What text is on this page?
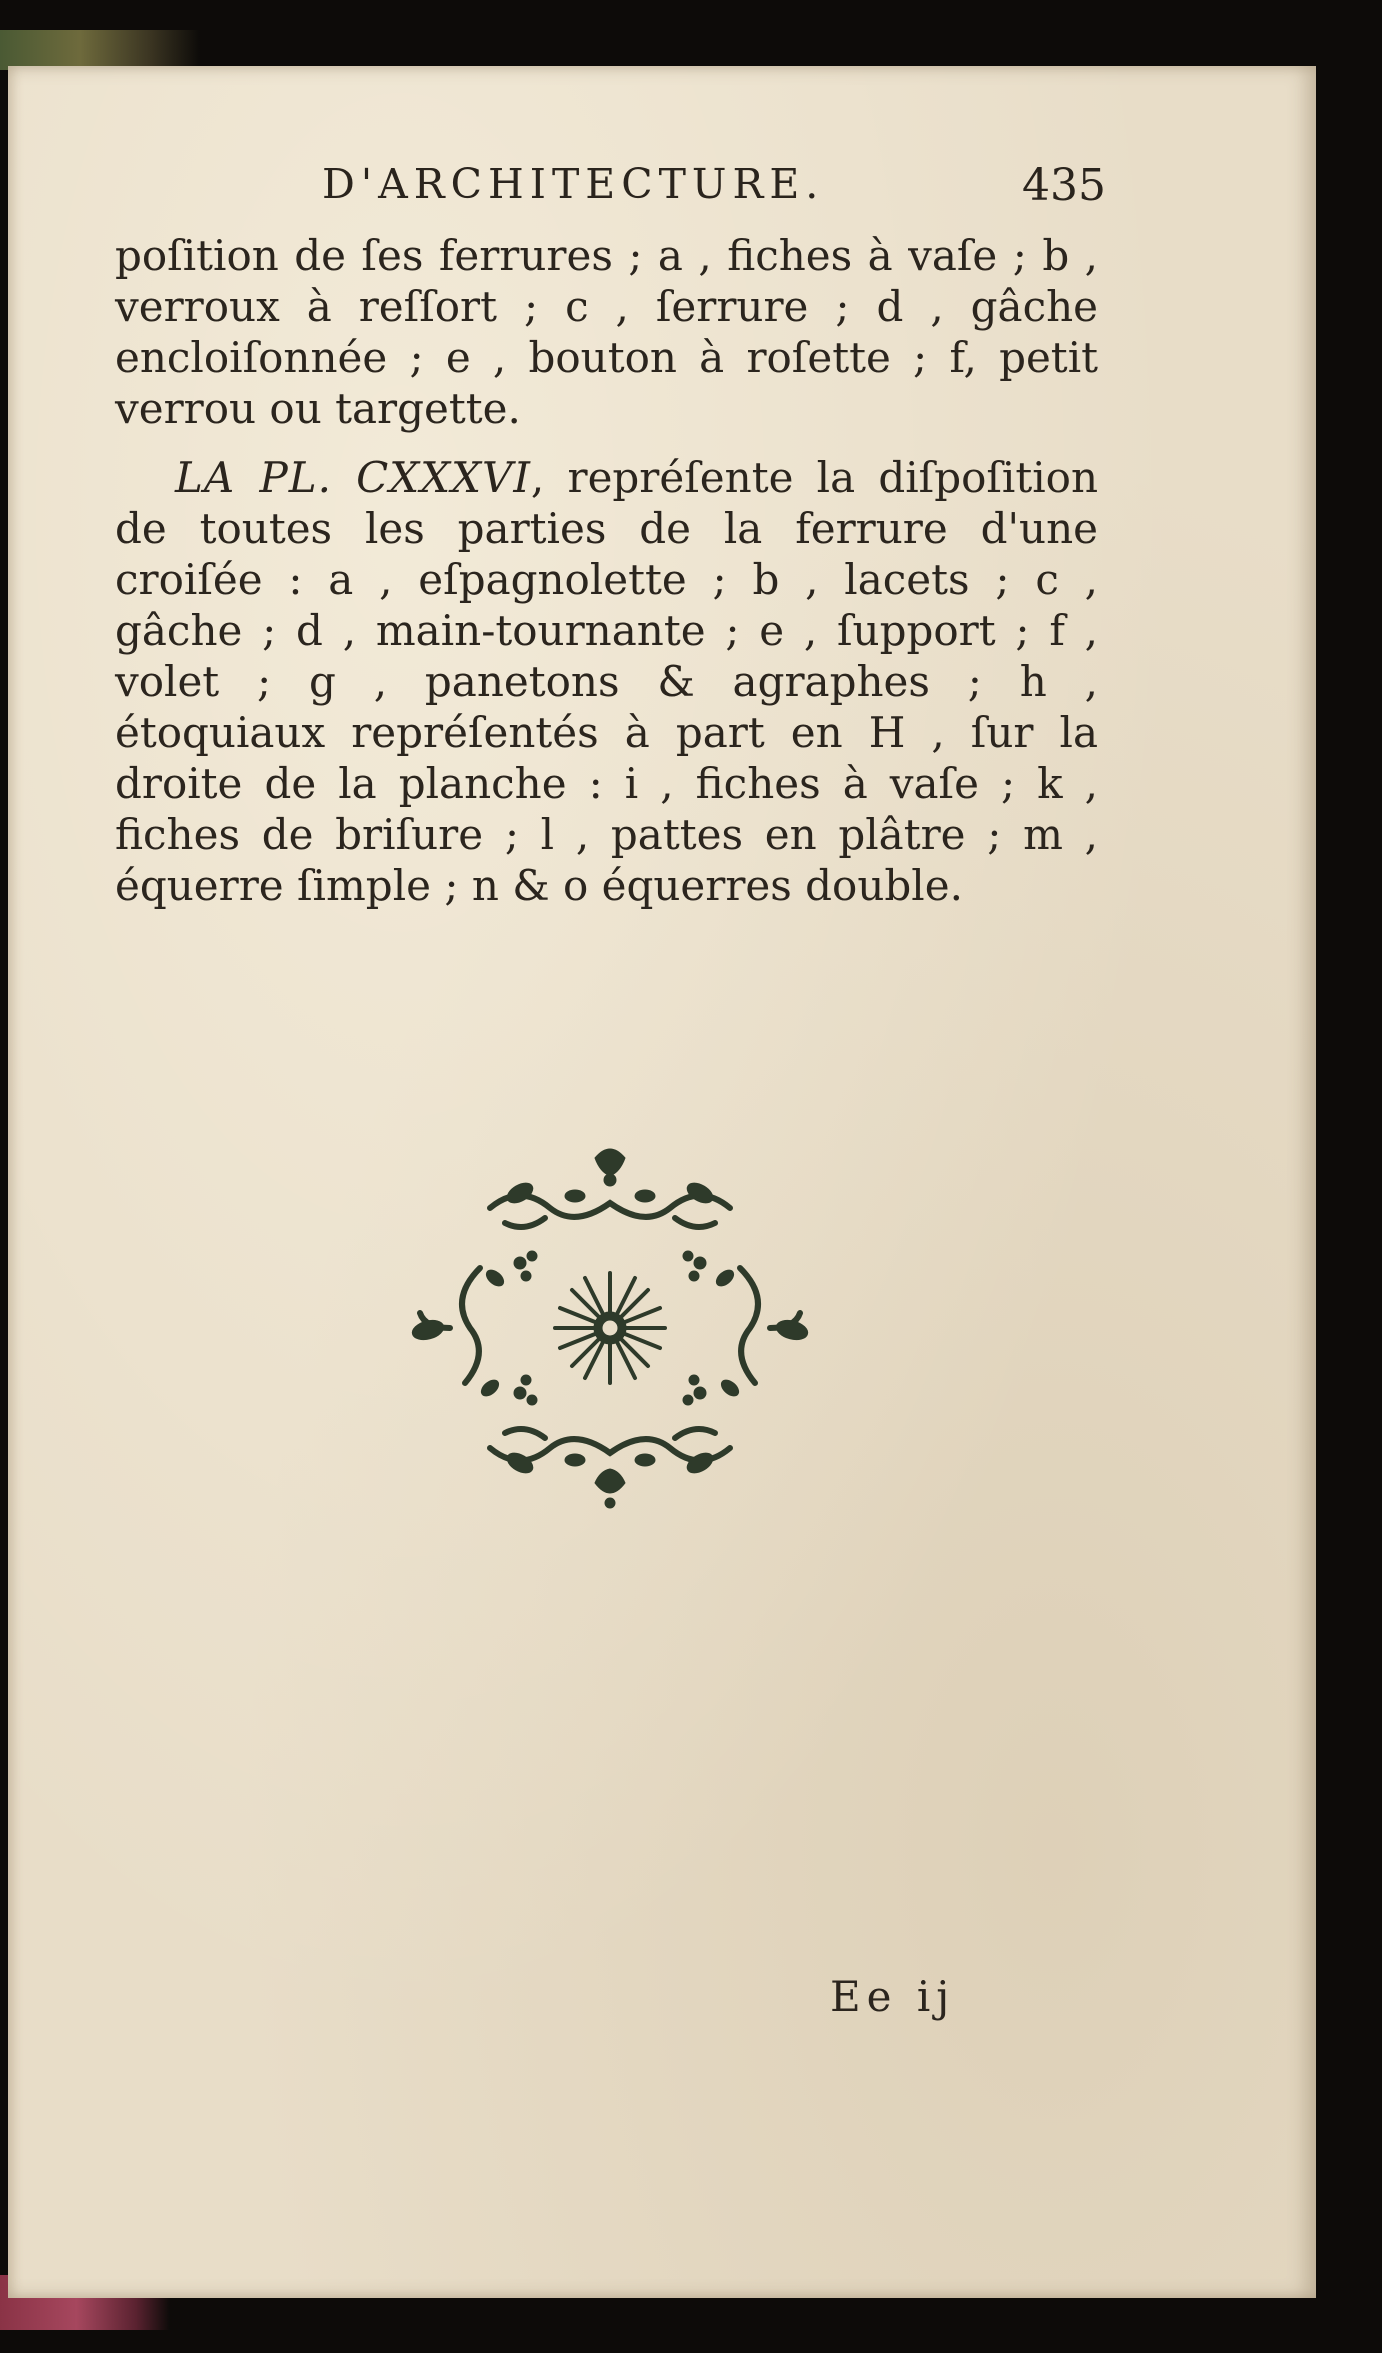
D'ARCHITECTURE.	435

poſition de ſes ferrures ; a , fiches à vaſe ; b , verroux à reſſort ; c , ſerrure ; d , gâche encloiſonnée ; e , bouton à roſette ; f, petit verrou ou targette.

LA PL. CXXXVI, repréſente la diſpoſition de toutes les parties de la ferrure d'une croiſée : a , eſpagnolette ; b , lacets ; c , gâche ; d , main-tournante ; e , ſupport ; f , volet ; g , panetons & agraphes ; h , étoquiaux repréſentés à part en H , ſur la droite de la planche : i , fiches à vaſe ; k , fiches de briſure ; l , pattes en plâtre ; m , équerre ſimple ; n & o équerres double.

Ee ij
